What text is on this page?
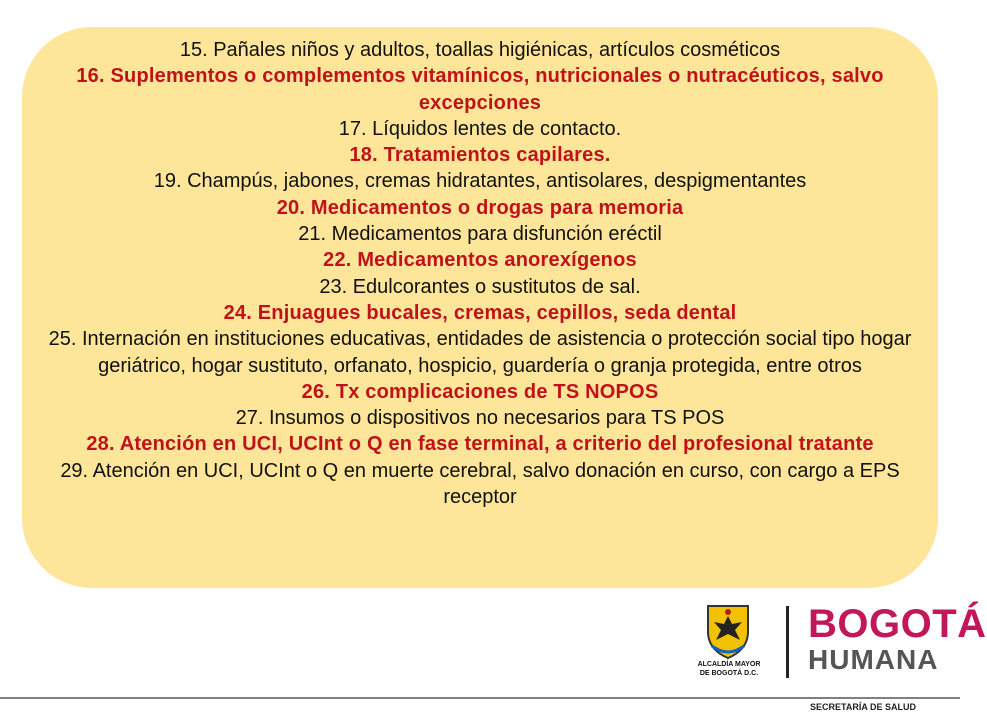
15. Pañales niños y adultos, toallas higiénicas, artículos cosméticos

16. Suplementos o complementos vitamínicos, nutricionales o nutracéuticos, salvo excepciones

17. Líquidos lentes de contacto.

18. Tratamientos capilares.

19. Champús, jabones, cremas hidratantes, antisolares, despigmentantes

20. Medicamentos o drogas para memoria

21. Medicamentos para disfunción eréctil

22. Medicamentos anorexígenos

23. Edulcorantes o sustitutos de sal.

24. Enjuagues bucales, cremas, cepillos, seda dental

25. Internación en instituciones educativas, entidades de asistencia o protección social tipo hogar geriátrico, hogar sustituto, orfanato, hospicio, guardería o granja protegida, entre otros

26. Tx complicaciones de TS NOPOS

27. Insumos o dispositivos no necesarios para TS POS

28. Atención en UCI, UCInt o Q en fase terminal, a criterio del profesional tratante

29. Atención en UCI, UCInt o Q en muerte cerebral, salvo donación en curso, con cargo a EPS receptor

ALCALDÍA MAYOR
DE BOGOTÁ D.C.
BOGOTÁ
HUMANA
SECRETARÍA DE SALUD
